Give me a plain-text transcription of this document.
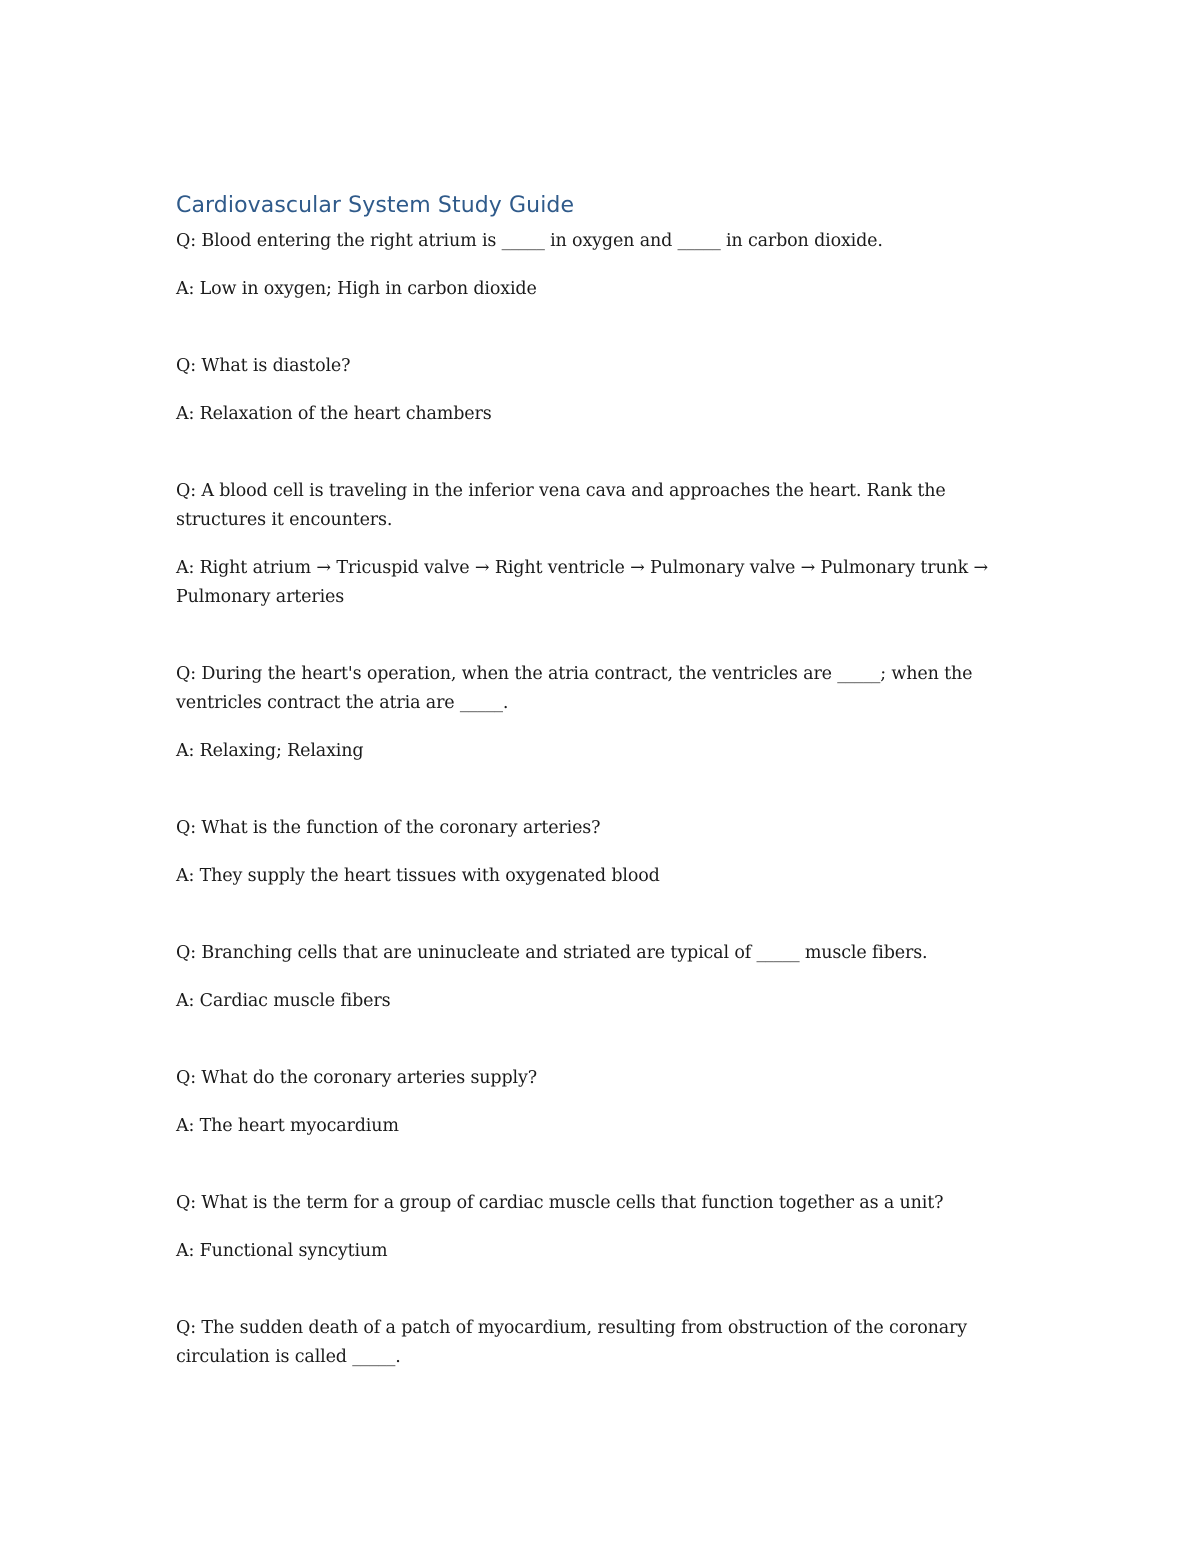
Cardiovascular System Study Guide

Q: Blood entering the right atrium is _____ in oxygen and _____ in carbon dioxide.

A: Low in oxygen; High in carbon dioxide

Q: What is diastole?

A: Relaxation of the heart chambers

Q: A blood cell is traveling in the inferior vena cava and approaches the heart. Rank the structures it encounters.

A: Right atrium → Tricuspid valve → Right ventricle → Pulmonary valve → Pulmonary trunk → Pulmonary arteries

Q: During the heart's operation, when the atria contract, the ventricles are _____; when the ventricles contract the atria are _____.

A: Relaxing; Relaxing

Q: What is the function of the coronary arteries?

A: They supply the heart tissues with oxygenated blood

Q: Branching cells that are uninucleate and striated are typical of _____ muscle fibers.

A: Cardiac muscle fibers

Q: What do the coronary arteries supply?

A: The heart myocardium

Q: What is the term for a group of cardiac muscle cells that function together as a unit?

A: Functional syncytium

Q: The sudden death of a patch of myocardium, resulting from obstruction of the coronary circulation is called _____.
